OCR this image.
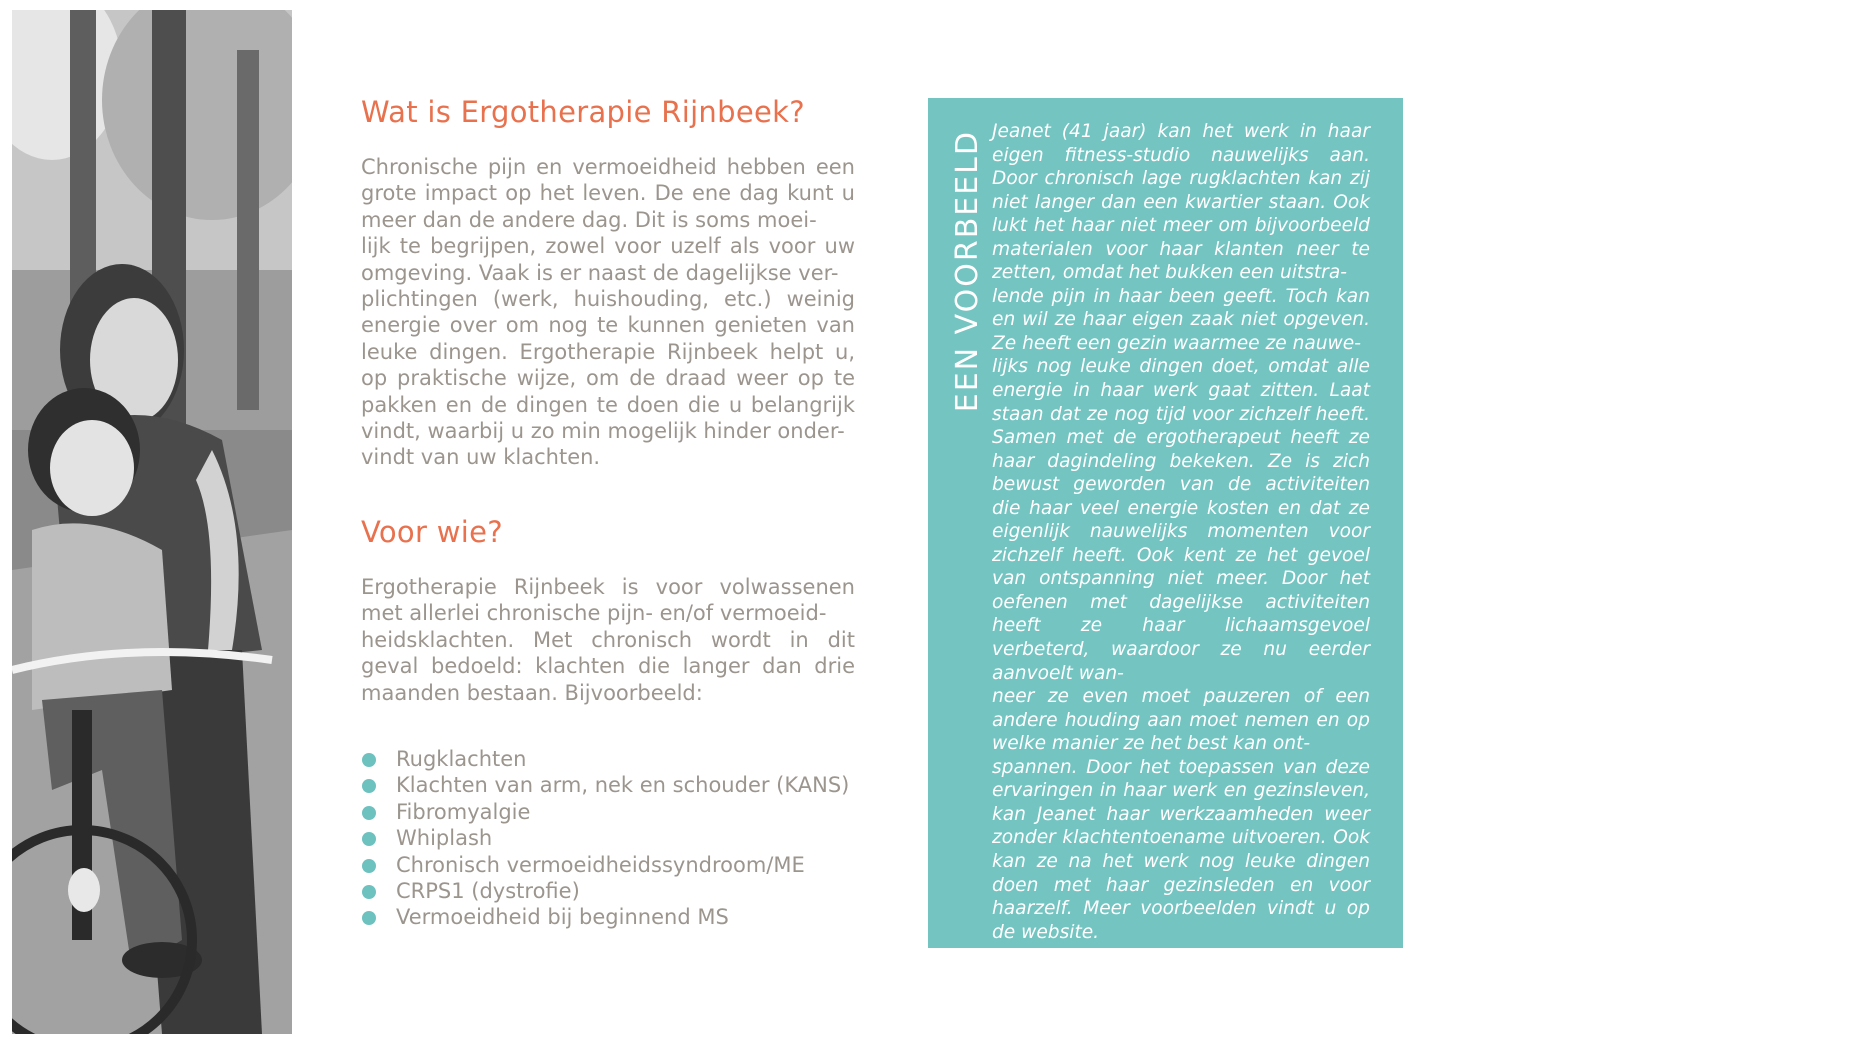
Wat is Ergotherapie Rijnbeek?

Chronische pijn en vermoeidheid hebben een grote impact op het leven. De ene dag kunt u meer dan de andere dag. Dit is soms moei-
lijk te begrijpen, zowel voor uzelf als voor uw omgeving. Vaak is er naast de dagelijkse ver-
plichtingen (werk, huishouding, etc.) weinig energie over om nog te kunnen genieten van leuke dingen. Ergotherapie Rijnbeek helpt u, op praktische wijze, om de draad weer op te pakken en de dingen te doen die u belangrijk vindt, waarbij u zo min mogelijk hinder onder-
vindt van uw klachten.

Voor wie?

Ergotherapie Rijnbeek is voor volwassenen met allerlei chronische pijn- en/of vermoeid-
heidsklachten. Met chronisch wordt in dit geval bedoeld: klachten die langer dan drie maanden bestaan. Bijvoorbeeld:

Rugklachten
Klachten van arm, nek en schouder (KANS)
Fibromyalgie
Whiplash
Chronisch vermoeidheidssyndroom/ME
CRPS1 (dystrofie)
Vermoeidheid bij beginnend MS
EEN VOORBEELD Jeanet (41 jaar) kan het werk in haar eigen fitness-studio nauwelijks aan. Door chronisch lage rugklachten kan zij niet langer dan een kwartier staan. Ook lukt het haar niet meer om bijvoorbeeld materialen voor haar klanten neer te zetten, omdat het bukken een uitstra-
lende pijn in haar been geeft. Toch kan en wil ze haar eigen zaak niet opgeven. Ze heeft een gezin waarmee ze nauwe-
lijks nog leuke dingen doet, omdat alle energie in haar werk gaat zitten. Laat staan dat ze nog tijd voor zichzelf heeft. Samen met de ergotherapeut heeft ze haar dagindeling bekeken. Ze is zich bewust geworden van de activiteiten die haar veel energie kosten en dat ze eigenlijk nauwelijks momenten voor zichzelf heeft. Ook kent ze het gevoel van ontspanning niet meer. Door het oefenen met dagelijkse activiteiten heeft ze haar lichaamsgevoel verbeterd, waardoor ze nu eerder aanvoelt wan-
neer ze even moet pauzeren of een andere houding aan moet nemen en op welke manier ze het best kan ont-
spannen. Door het toepassen van deze ervaringen in haar werk en gezinsleven, kan Jeanet haar werkzaamheden weer zonder klachtentoename uitvoeren. Ook kan ze na het werk nog leuke dingen doen met haar gezinsleden en voor haarzelf. Meer voorbeelden vindt u op de website.
